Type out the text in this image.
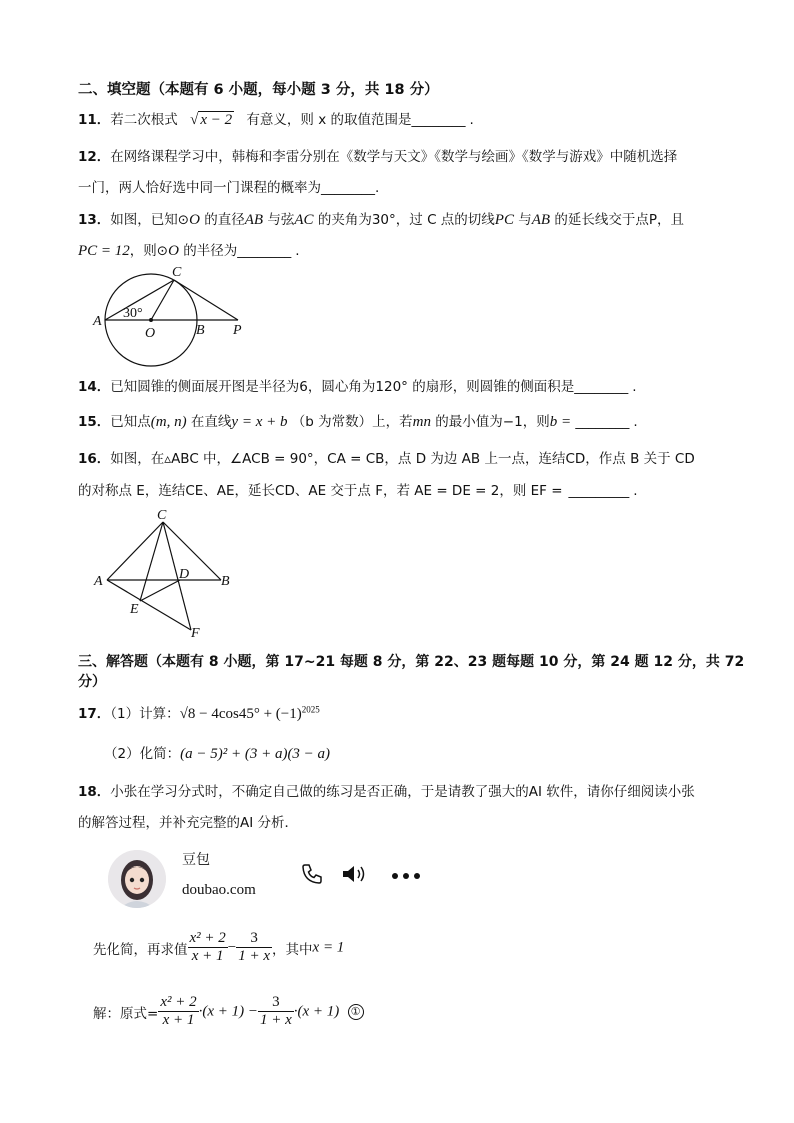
二、填空题（本题有 6 小题，每小题 3 分，共 18 分）
11．若二次根式 √ x − 2 有意义，则 x 的取值范围是________ .
12．在网络课程学习中，韩梅和李雷分别在《数学与天文》《数学与绘画》《数学与游戏》中随机选择
一门，两人恰好选中同一门课程的概率为________.
13．如图，已知⊙O 的直径AB 与弦AC 的夹角为30°，过 C 点的切线PC 与AB 的延长线交于点P，且
PC = 12，则⊙O 的半径为________ .
A
C
O	B P
30°
14．已知圆锥的侧面展开图是半径为6，圆心角为120° 的扇形，则圆锥的侧面积是________ .
15．已知点(m, n) 在直线y = x + b （b 为常数）上，若mn 的最小值为−1，则b = ________ .
16．如图，在▵ABC 中，∠ACB = 90°，CA = CB，点 D 为边 AB 上一点，连结CD，作点 B 关于 CD
的对称点 E，连结CE、AE，延长CD、AE 交于点 F，若 AE = DE = 2，则 EF = _________ .
C
A	B
D
E
F
三、解答题（本题有 8 小题，第 17~21 每题 8 分，第 22、23 题每题 10 分，第 24 题 12 分，共 72
分）
17．（1）计算：$√8 - 4\cos 45^\circ + (-1)^{2025}$
（2）化简：(a − 5)² + (3 + a)(3 − a)
18．小张在学习分式时，不确定自己做的练习是否正确，于是请教了强大的AI 软件，请你仔细阅读小张
的解答过程，并补充完整的AI 分析．
豆包
doubao.com
先化简，再求值 $\frac{\text{x² + 2}}{x + 1} - \frac{3}{1 + x}$ ，其中x = 1
解：原式= $\frac{\text{x² + 2}}{x + 1} \cdot(x + 1) - \frac{3}{1 + x} \cdot(x + 1)$ ①
